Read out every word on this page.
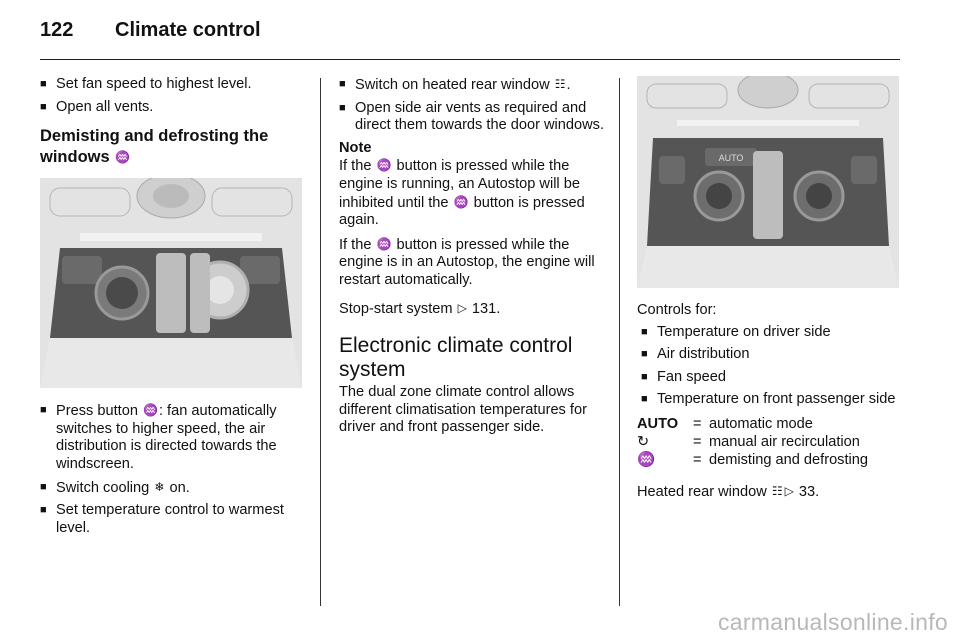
122 Climate control
■ Set fan speed to highest level.
■ Open all vents.
Demisting and defrosting the windows ♒
■ Press button ♒: fan automatically switches to higher speed, the air distribution is directed towards the windscreen.
■ Switch cooling ❄ on.
■ Set temperature control to warmest level.
■ Switch on heated rear window ☷.
■ Open side air vents as required and direct them towards the door windows.
Note

If the ♒ button is pressed while the engine is running, an Autostop will be inhibited until the ♒ button is pressed again.

If the ♒ button is pressed while the engine is in an Autostop, the engine will restart automatically.

Stop-start system ▷ 131.

Electronic climate control system

The dual zone climate control allows different climatisation temperatures for driver and front passenger side.

AUTO

Controls for:

■ Temperature on driver side
■ Air distribution
■ Fan speed
■ Temperature on front passenger side
AUTO	= automatic mode
↻	= manual air recirculation
♒	= demisting and defrosting

Heated rear window ☷ ▷ 33.

carmanualsonline.info
